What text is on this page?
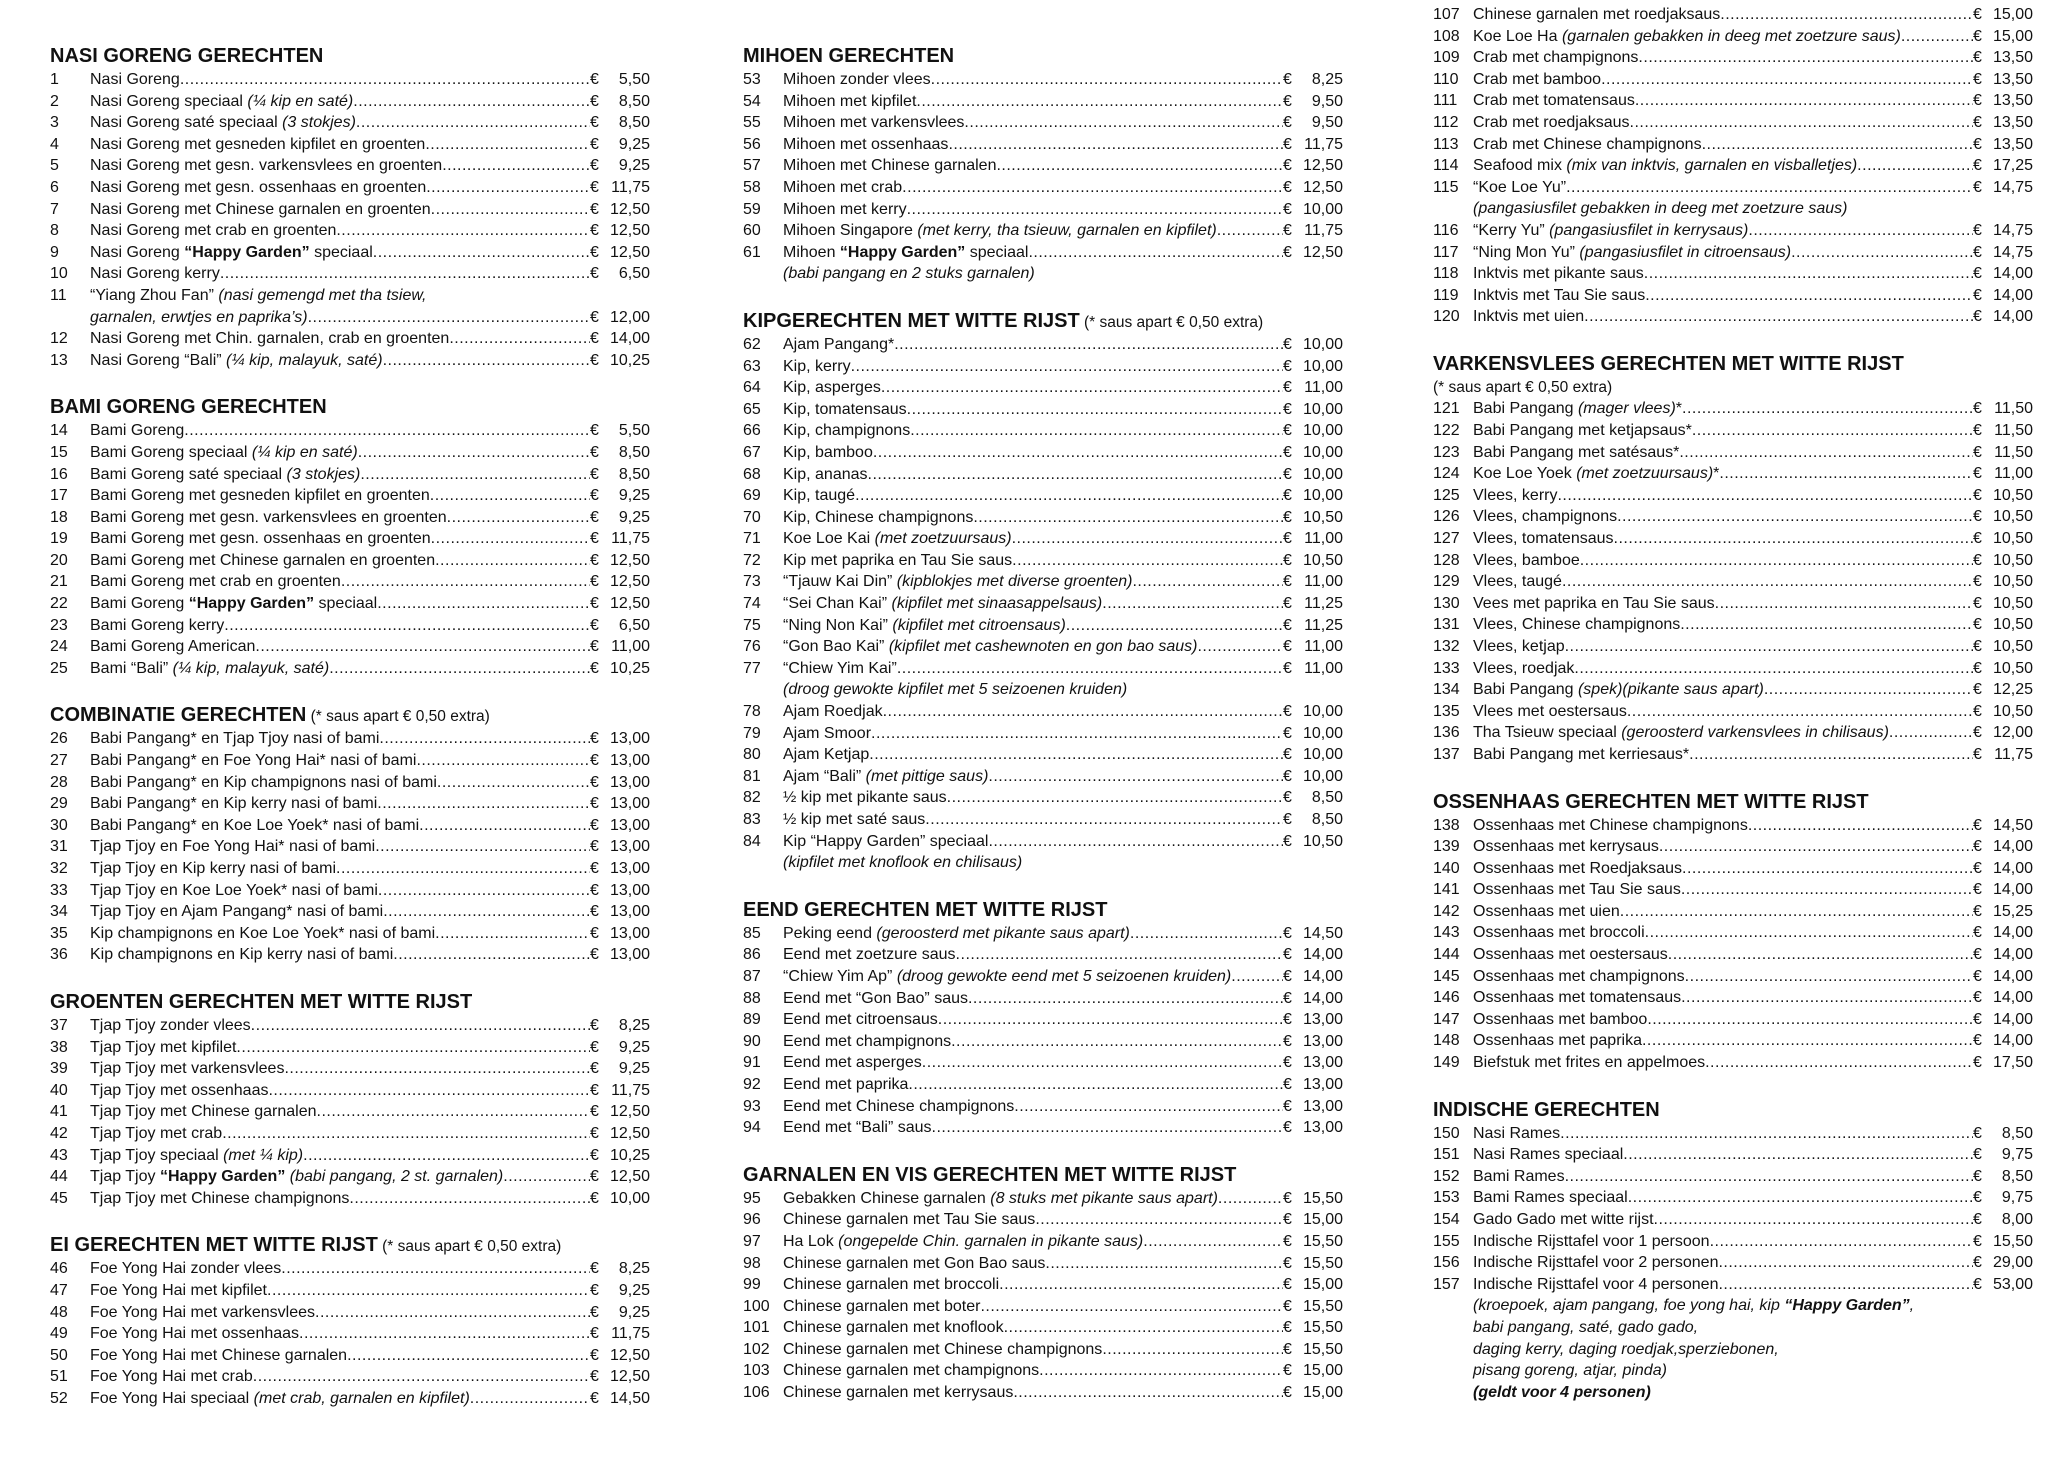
NASI GORENG GERECHTEN
1	Nasi Goreng .....	€	5,50
2	Nasi Goreng speciaal (¼ kip en saté) .....	€	8,50
3	Nasi Goreng saté speciaal (3 stokjes) .....	€	8,50
4	Nasi Goreng met gesneden kipfilet en groenten .....	€	9,25
5	Nasi Goreng met gesn. varkensvlees en groenten .....	€	9,25
6	Nasi Goreng met gesn. ossenhaas en groenten .....	€ 11,75
7	Nasi Goreng met Chinese garnalen en groenten .....	€ 12,50
8	Nasi Goreng met crab en groenten .....	€ 12,50
9	Nasi Goreng “Happy Garden” speciaal .....	€ 12,50
10	Nasi Goreng kerry .....	€	6,50
11	“Yiang Zhou Fan” (nasi gemengd met tha tsiew,
garnalen, erwtjes en paprika’s) .....	€ 12,00
12	Nasi Goreng met Chin. garnalen, crab en groenten .....	€ 14,00
13	Nasi Goreng “Bali” (¼ kip, malayuk, saté) .....	€ 10,25
BAMI GORENG GERECHTEN
14	Bami Goreng .....	€	5,50
15	Bami Goreng speciaal (¼ kip en saté) .....	€	8,50
16	Bami Goreng saté speciaal (3 stokjes) .....	€	8,50
17	Bami Goreng met gesneden kipfilet en groenten .....	€	9,25
18	Bami Goreng met gesn. varkensvlees en groenten .....	€	9,25
19	Bami Goreng met gesn. ossenhaas en groenten .....	€ 11,75
20	Bami Goreng met Chinese garnalen en groenten .....	€ 12,50
21	Bami Goreng met crab en groenten .....	€ 12,50
22	Bami Goreng “Happy Garden” speciaal .....	€ 12,50
23	Bami Goreng kerry .....	€	6,50
24	Bami Goreng American .....	€ 11,00
25	Bami “Bali” (¼ kip, malayuk, saté) .....	€ 10,25
COMBINATIE GERECHTEN (* saus apart € 0,50 extra)
26	Babi Pangang* en Tjap Tjoy nasi of bami .....	€ 13,00
27	Babi Pangang* en Foe Yong Hai* nasi of bami .....	€ 13,00
28	Babi Pangang* en Kip champignons nasi of bami .....	€ 13,00
29	Babi Pangang* en Kip kerry nasi of bami .....	€ 13,00
30	Babi Pangang* en Koe Loe Yoek* nasi of bami .....	€ 13,00
31	Tjap Tjoy en Foe Yong Hai* nasi of bami .....	€ 13,00
32	Tjap Tjoy en Kip kerry nasi of bami .....	€ 13,00
33	Tjap Tjoy en Koe Loe Yoek* nasi of bami .....	€ 13,00
34	Tjap Tjoy en Ajam Pangang* nasi of bami .....	€ 13,00
35	Kip champignons en Koe Loe Yoek* nasi of bami .....	€ 13,00
36	Kip champignons en Kip kerry nasi of bami .....	€ 13,00
GROENTEN GERECHTEN MET WITTE RIJST
37	Tjap Tjoy zonder vlees .....	€	8,25
38	Tjap Tjoy met kipfilet .....	€	9,25
39	Tjap Tjoy met varkensvlees .....	€	9,25
40	Tjap Tjoy met ossenhaas .....	€ 11,75
41	Tjap Tjoy met Chinese garnalen .....	€ 12,50
42	Tjap Tjoy met crab .....	€ 12,50
43	Tjap Tjoy speciaal (met ¼ kip) .....	€ 10,25
44	Tjap Tjoy “Happy Garden” (babi pangang, 2 st. garnalen) .....	€ 12,50
45	Tjap Tjoy met Chinese champignons .....	€ 10,00
EI GERECHTEN MET WITTE RIJST (* saus apart € 0,50 extra)
46	Foe Yong Hai zonder vlees .....	€	8,25
47	Foe Yong Hai met kipfilet .....	€	9,25
48	Foe Yong Hai met varkensvlees .....	€	9,25
49	Foe Yong Hai met ossenhaas .....	€ 11,75
50	Foe Yong Hai met Chinese garnalen .....	€ 12,50
51	Foe Yong Hai met crab .....	€ 12,50
52	Foe Yong Hai speciaal (met crab, garnalen en kipfilet) .....	€ 14,50
MIHOEN GERECHTEN
53	Mihoen zonder vlees .....	€	8,25
54	Mihoen met kipfilet .....	€	9,50
55	Mihoen met varkensvlees .....	€	9,50
56	Mihoen met ossenhaas .....	€ 11,75
57	Mihoen met Chinese garnalen .....	€ 12,50
58	Mihoen met crab .....	€ 12,50
59	Mihoen met kerry .....	€ 10,00
60	Mihoen Singapore (met kerry, tha tsieuw, garnalen en kipfilet) .....	€ 11,75
61	Mihoen “Happy Garden” speciaal .....	€ 12,50
(babi pangang en 2 stuks garnalen)
KIPGERECHTEN MET WITTE RIJST (* saus apart € 0,50 extra)
62	Ajam Pangang* .....	€ 10,00
63	Kip, kerry .....	€ 10,00
64	Kip, asperges .....	€ 11,00
65	Kip, tomatensaus .....	€ 10,00
66	Kip, champignons .....	€ 10,00
67	Kip, bamboo .....	€ 10,00
68	Kip, ananas .....	€ 10,00
69	Kip, taugé .....	€ 10,00
70	Kip, Chinese champignons .....	€ 10,50
71	Koe Loe Kai (met zoetzuursaus) .....	€ 11,00
72	Kip met paprika en Tau Sie saus .....	€ 10,50
73	“Tjauw Kai Din” (kipblokjes met diverse groenten) .....	€ 11,00
74	“Sei Chan Kai” (kipfilet met sinaasappelsaus) .....	€ 11,25
75	“Ning Non Kai” (kipfilet met citroensaus) .....	€ 11,25
76	“Gon Bao Kai” (kipfilet met cashewnoten en gon bao saus) .....	€ 11,00
77	“Chiew Yim Kai” .....	€ 11,00
(droog gewokte kipfilet met 5 seizoenen kruiden)
78	Ajam Roedjak .....	€ 10,00
79	Ajam Smoor .....	€ 10,00
80	Ajam Ketjap .....	€ 10,00
81	Ajam “Bali” (met pittige saus) .....	€ 10,00
82	½ kip met pikante saus .....	€	8,50
83	½ kip met saté saus .....	€	8,50
84	Kip “Happy Garden” speciaal .....	€ 10,50
(kipfilet met knoflook en chilisaus)
EEND GERECHTEN MET WITTE RIJST
85	Peking eend (geroosterd met pikante saus apart) .....	€ 14,50
86	Eend met zoetzure saus .....	€ 14,00
87	“Chiew Yim Ap” (droog gewokte eend met 5 seizoenen kruiden) .....	€ 14,00
88	Eend met “Gon Bao” saus .....	€ 14,00
89	Eend met citroensaus .....	€ 13,00
90	Eend met champignons .....	€ 13,00
91	Eend met asperges .....	€ 13,00
92	Eend met paprika .....	€ 13,00
93	Eend met Chinese champignons .....	€ 13,00
94	Eend met “Bali” saus .....	€ 13,00
GARNALEN EN VIS GERECHTEN MET WITTE RIJST
95	Gebakken Chinese garnalen (8 stuks met pikante saus apart) .....	€ 15,50
96	Chinese garnalen met Tau Sie saus .....	€ 15,00
97	Ha Lok (ongepelde Chin. garnalen in pikante saus) .....	€ 15,50
98	Chinese garnalen met Gon Bao saus .....	€ 15,50
99	Chinese garnalen met broccoli .....	€ 15,00
100 Chinese garnalen met boter .....	€ 15,50
101 Chinese garnalen met knoflook .....	€ 15,50
102 Chinese garnalen met Chinese champignons .....	€ 15,50
103 Chinese garnalen met champignons .....	€ 15,00
106 Chinese garnalen met kerrysaus .....	€ 15,00
107 Chinese garnalen met roedjaksaus .....	€ 15,00
108 Koe Loe Ha (garnalen gebakken in deeg met zoetzure saus) .....	€ 15,00
109 Crab met champignons .....	€ 13,50
110 Crab met bamboo .....	€ 13,50
111 Crab met tomatensaus .....	€ 13,50
112 Crab met roedjaksaus .....	€ 13,50
113 Crab met Chinese champignons .....	€ 13,50
114 Seafood mix (mix van inktvis, garnalen en visballetjes) .....	€ 17,25
115 “Koe Loe Yu” .....	€ 14,75
(pangasiusfilet gebakken in deeg met zoetzure saus)
116 “Kerry Yu” (pangasiusfilet in kerrysaus) .....	€ 14,75
117 “Ning Mon Yu” (pangasiusfilet in citroensaus) .....	€ 14,75
118 Inktvis met pikante saus .....	€ 14,00
119 Inktvis met Tau Sie saus .....	€ 14,00
120 Inktvis met uien .....	€ 14,00
VARKENSVLEES GERECHTEN MET WITTE RIJST
(* saus apart € 0,50 extra)
121 Babi Pangang (mager vlees)* .....	€ 11,50
122 Babi Pangang met ketjapsaus* .....	€ 11,50
123 Babi Pangang met satésaus* .....	€ 11,50
124 Koe Loe Yoek (met zoetzuursaus)* .....	€ 11,00
125 Vlees, kerry .....	€ 10,50
126 Vlees, champignons .....	€ 10,50
127 Vlees, tomatensaus .....	€ 10,50
128 Vlees, bamboe .....	€ 10,50
129 Vlees, taugé .....	€ 10,50
130 Vees met paprika en Tau Sie saus .....	€ 10,50
131 Vlees, Chinese champignons .....	€ 10,50
132 Vlees, ketjap .....	€ 10,50
133 Vlees, roedjak .....	€ 10,50
134 Babi Pangang (spek)(pikante saus apart) .....	€ 12,25
135 Vlees met oestersaus .....	€ 10,50
136 Tha Tsieuw speciaal (geroosterd varkensvlees in chilisaus) .....	€ 12,00
137 Babi Pangang met kerriesaus* .....	€ 11,75
OSSENHAAS GERECHTEN MET WITTE RIJST
138 Ossenhaas met Chinese champignons .....	€ 14,50
139 Ossenhaas met kerrysaus .....	€ 14,00
140 Ossenhaas met Roedjaksaus .....	€ 14,00
141 Ossenhaas met Tau Sie saus .....	€ 14,00
142 Ossenhaas met uien .....	€ 15,25
143 Ossenhaas met broccoli .....	€ 14,00
144 Ossenhaas met oestersaus .....	€ 14,00
145 Ossenhaas met champignons .....	€ 14,00
146 Ossenhaas met tomatensaus .....	€ 14,00
147 Ossenhaas met bamboo .....	€ 14,00
148 Ossenhaas met paprika .....	€ 14,00
149 Biefstuk met frites en appelmoes .....	€ 17,50
INDISCHE GERECHTEN
150 Nasi Rames .....	€	8,50
151 Nasi Rames speciaal .....	€	9,75
152 Bami Rames .....	€	8,50
153 Bami Rames speciaal .....	€	9,75
154 Gado Gado met witte rijst .....	€	8,00
155 Indische Rijsttafel voor 1 persoon .....	€ 15,50
156 Indische Rijsttafel voor 2 personen .....	€ 29,00
157 Indische Rijsttafel voor 4 personen .....	€ 53,00
(kroepoek, ajam pangang, foe yong hai, kip “Happy Garden”,
babi pangang, saté, gado gado,
daging kerry, daging roedjak,sperziebonen,
pisang goreng, atjar, pinda)
(geldt voor 4 personen)
